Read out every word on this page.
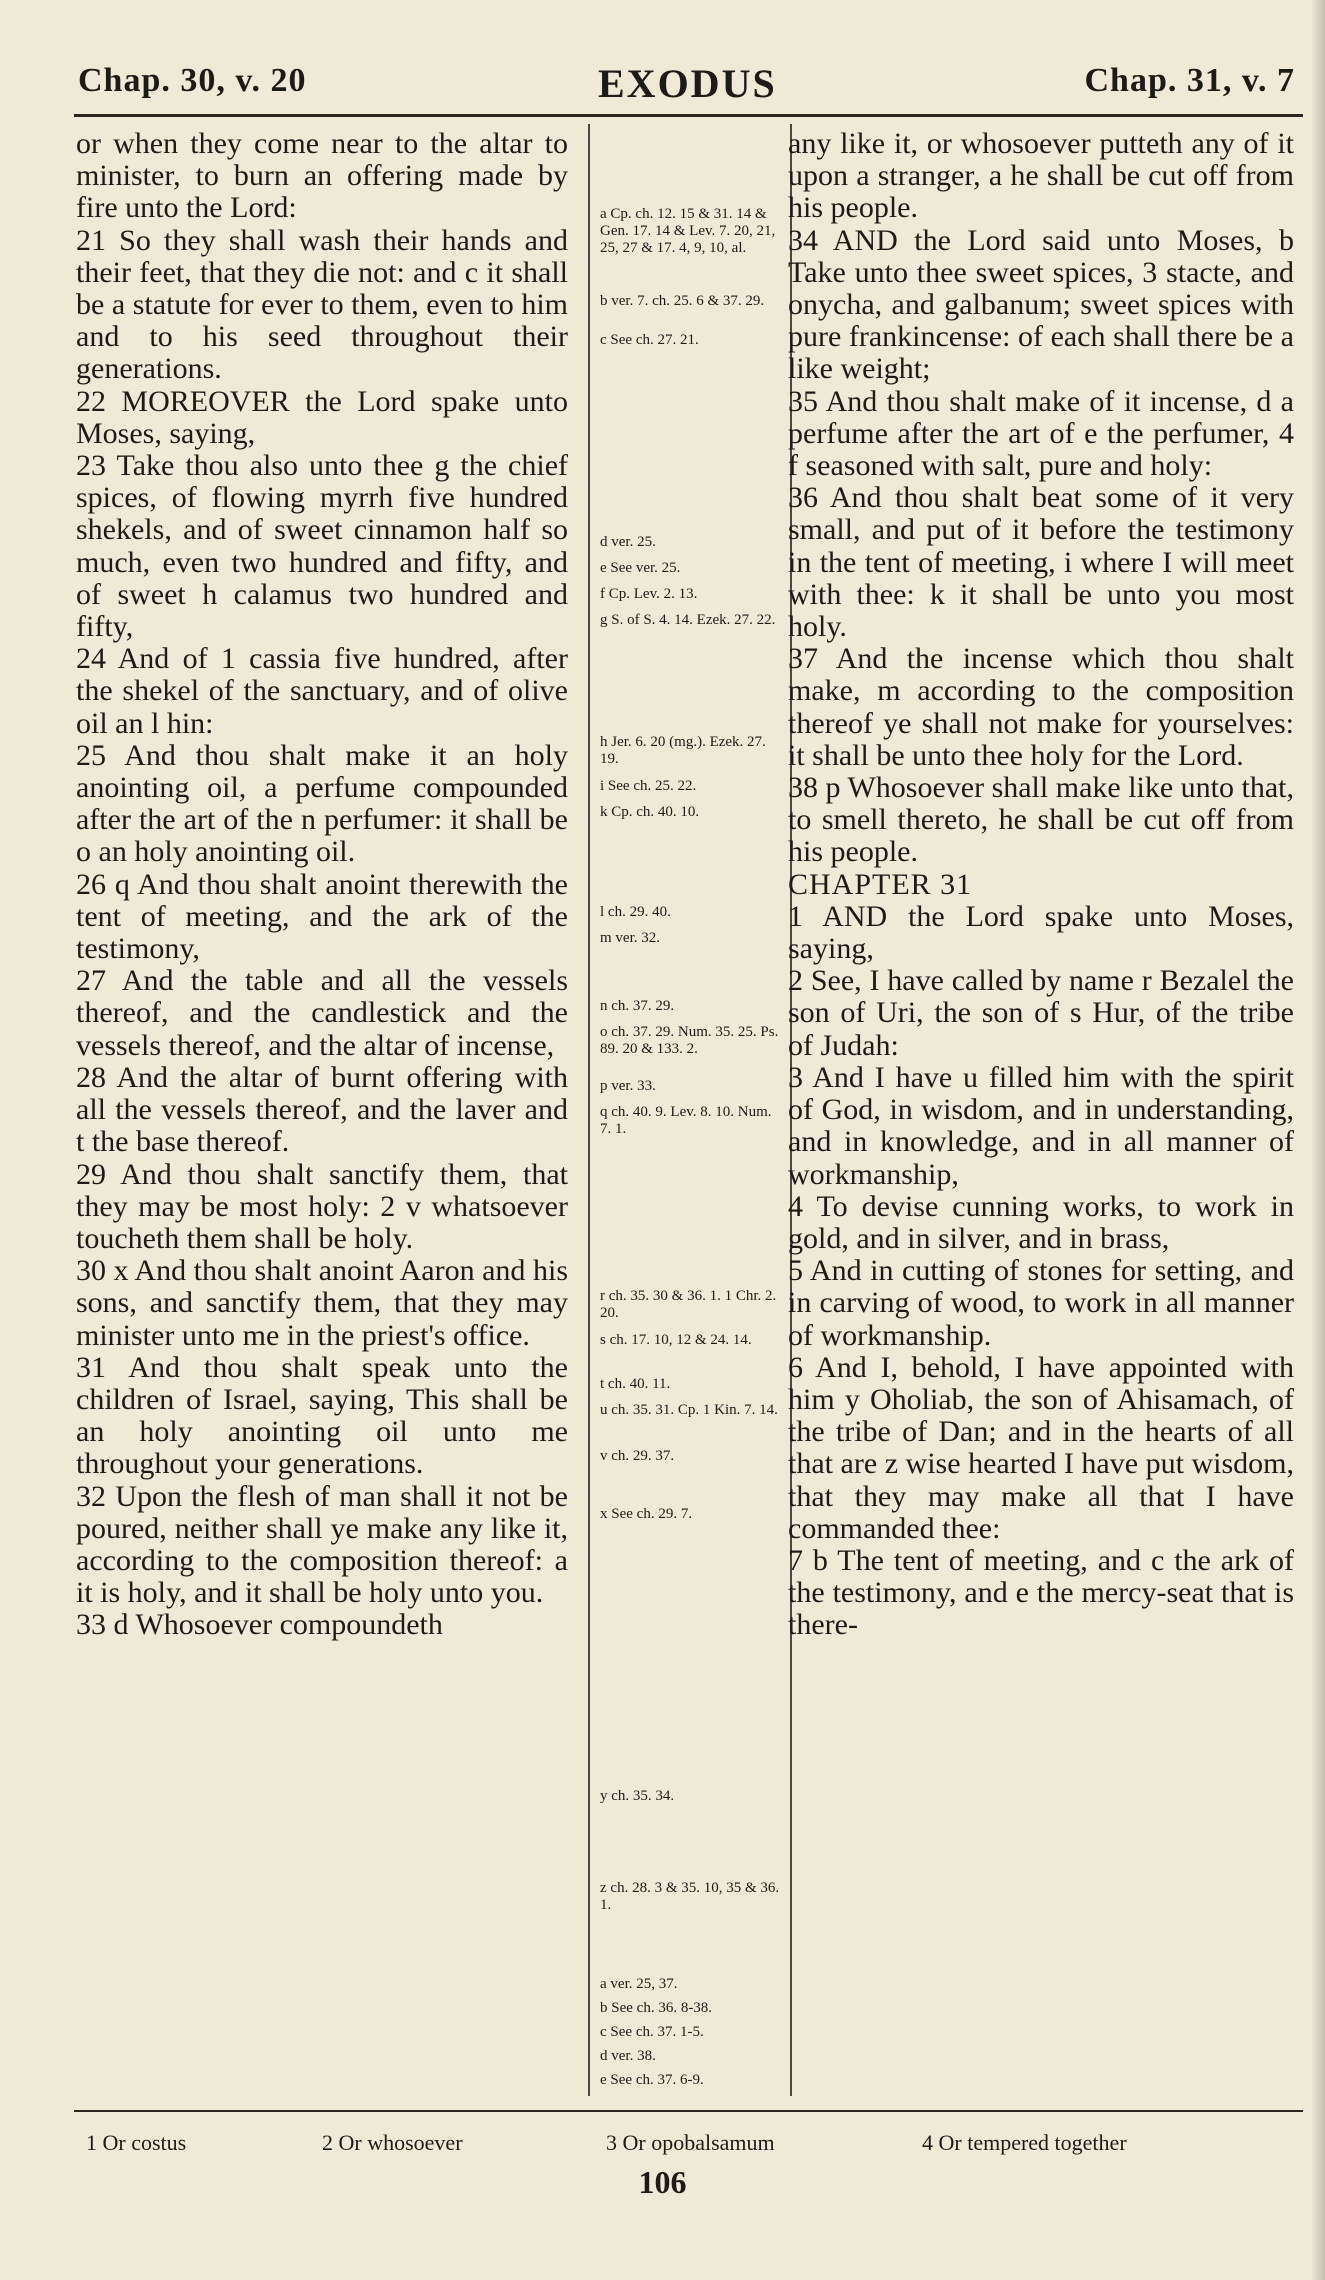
Chap. 30, v. 20	EXODUS	Chap. 31, v. 7

or when they come near to the altar to minister, to burn an offering made by fire unto the Lord:

21 So they shall wash their hands and their feet, that they die not: and c it shall be a statute for ever to them, even to him and to his seed throughout their generations.

22 MOREOVER the Lord spake unto Moses, saying,

23 Take thou also unto thee g the chief spices, of flowing myrrh five hundred shekels, and of sweet cinnamon half so much, even two hundred and fifty, and of sweet h calamus two hundred and fifty,

24 And of 1 cassia five hundred, after the shekel of the sanctuary, and of olive oil an l hin:

25 And thou shalt make it an holy anointing oil, a perfume compounded after the art of the n perfumer: it shall be o an holy anointing oil.

26 q And thou shalt anoint therewith the tent of meeting, and the ark of the testimony,

27 And the table and all the vessels thereof, and the candlestick and the vessels thereof, and the altar of incense,

28 And the altar of burnt offering with all the vessels thereof, and the laver and t the base thereof.

29 And thou shalt sanctify them, that they may be most holy: 2 v whatsoever toucheth them shall be holy.

30 x And thou shalt anoint Aaron and his sons, and sanctify them, that they may minister unto me in the priest's office.

31 And thou shalt speak unto the children of Israel, saying, This shall be an holy anointing oil unto me throughout your generations.

32 Upon the flesh of man shall it not be poured, neither shall ye make any like it, according to the composition thereof: a it is holy, and it shall be holy unto you.

33 d Whosoever compoundeth

a Cp. ch. 12. 15 & 31. 14 & Gen. 17. 14 & Lev. 7. 20, 21, 25, 27 & 17. 4, 9, 10, al.
b ver. 7. ch. 25. 6 & 37. 29.
c See ch. 27. 21.
d ver. 25.
e See ver. 25.
f Cp. Lev. 2. 13.
g S. of S. 4. 14. Ezek. 27. 22.
h Jer. 6. 20 (mg.). Ezek. 27. 19.
i See ch. 25. 22.
k Cp. ch. 40. 10.
l ch. 29. 40.
m ver. 32.
n ch. 37. 29.
o ch. 37. 29. Num. 35. 25. Ps. 89. 20 & 133. 2.
p ver. 33.
q ch. 40. 9. Lev. 8. 10. Num. 7. 1.
r ch. 35. 30 & 36. 1. 1 Chr. 2. 20.
s ch. 17. 10, 12 & 24. 14.
t ch. 40. 11.
u ch. 35. 31. Cp. 1 Kin. 7. 14.
v ch. 29. 37.
x See ch. 29. 7.
y ch. 35. 34.
z ch. 28. 3 & 35. 10, 35 & 36. 1.
a ver. 25, 37.
b See ch. 36. 8-38.
c See ch. 37. 1-5.
d ver. 38.
e See ch. 37. 6-9.

any like it, or whosoever putteth any of it upon a stranger, a he shall be cut off from his people.

34 AND the Lord said unto Moses, b Take unto thee sweet spices, 3 stacte, and onycha, and galbanum; sweet spices with pure frankincense: of each shall there be a like weight;

35 And thou shalt make of it incense, d a perfume after the art of e the perfumer, 4 f seasoned with salt, pure and holy:

36 And thou shalt beat some of it very small, and put of it before the testimony in the tent of meeting, i where I will meet with thee: k it shall be unto you most holy.

37 And the incense which thou shalt make, m according to the composition thereof ye shall not make for yourselves: it shall be unto thee holy for the Lord.

38 p Whosoever shall make like unto that, to smell thereto, he shall be cut off from his people.

CHAPTER 31

1 AND the Lord spake unto Moses, saying,

2 See, I have called by name r Bezalel the son of Uri, the son of s Hur, of the tribe of Judah:

3 And I have u filled him with the spirit of God, in wisdom, and in understanding, and in knowledge, and in all manner of workmanship,

4 To devise cunning works, to work in gold, and in silver, and in brass,

5 And in cutting of stones for setting, and in carving of wood, to work in all manner of workmanship.

6 And I, behold, I have appointed with him y Oholiab, the son of Ahisamach, of the tribe of Dan; and in the hearts of all that are z wise hearted I have put wisdom, that they may make all that I have commanded thee:

7 b The tent of meeting, and c the ark of the testimony, and e the mercy-seat that is there-

1 Or costus	2 Or whosoever	3 Or opobalsamum	4 Or tempered together
106
